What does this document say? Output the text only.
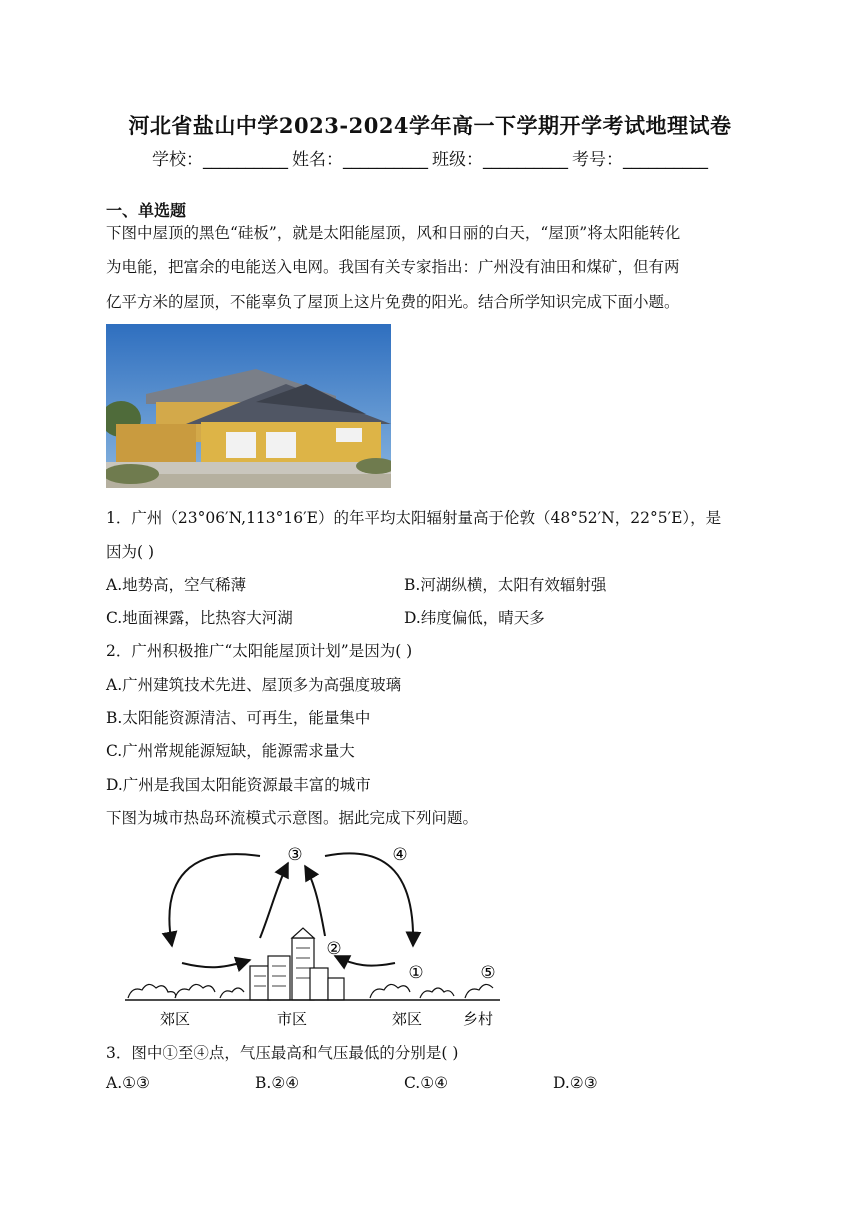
河北省盐山中学2023-2024学年高一下学期开学考试地理试卷
学校：__________ 姓名：__________ 班级：__________ 考号：__________
一、单选题
下图中屋顶的黑色“硅板”，就是太阳能屋顶，风和日丽的白天，“屋顶”将太阳能转化
为电能，把富余的电能送入电网。我国有关专家指出：广州没有油田和煤矿，但有两
亿平方米的屋顶，不能辜负了屋顶上这片免费的阳光。结合所学知识完成下面小题。
1．广州（23°06′N,113°16′E）的年平均太阳辐射量高于伦敦（48°52′N，22°5′E），是
因为( )
A.地势高，空气稀薄	B.河湖纵横，太阳有效辐射强
C.地面裸露，比热容大河湖	D.纬度偏低，晴天多
2．广州积极推广“太阳能屋顶计划”是因为( )
A.广州建筑技术先进、屋顶多为高强度玻璃
B.太阳能资源清洁、可再生，能量集中
C.广州常规能源短缺，能源需求量大
D.广州是我国太阳能资源最丰富的城市
下图为城市热岛环流模式示意图。据此完成下列问题。
③	④
②
①	⑤
郊区	市区	郊区	乡村
3．图中①至④点，气压最高和气压最低的分别是( )
A.①③	B.②④	C.①④	D.②③
